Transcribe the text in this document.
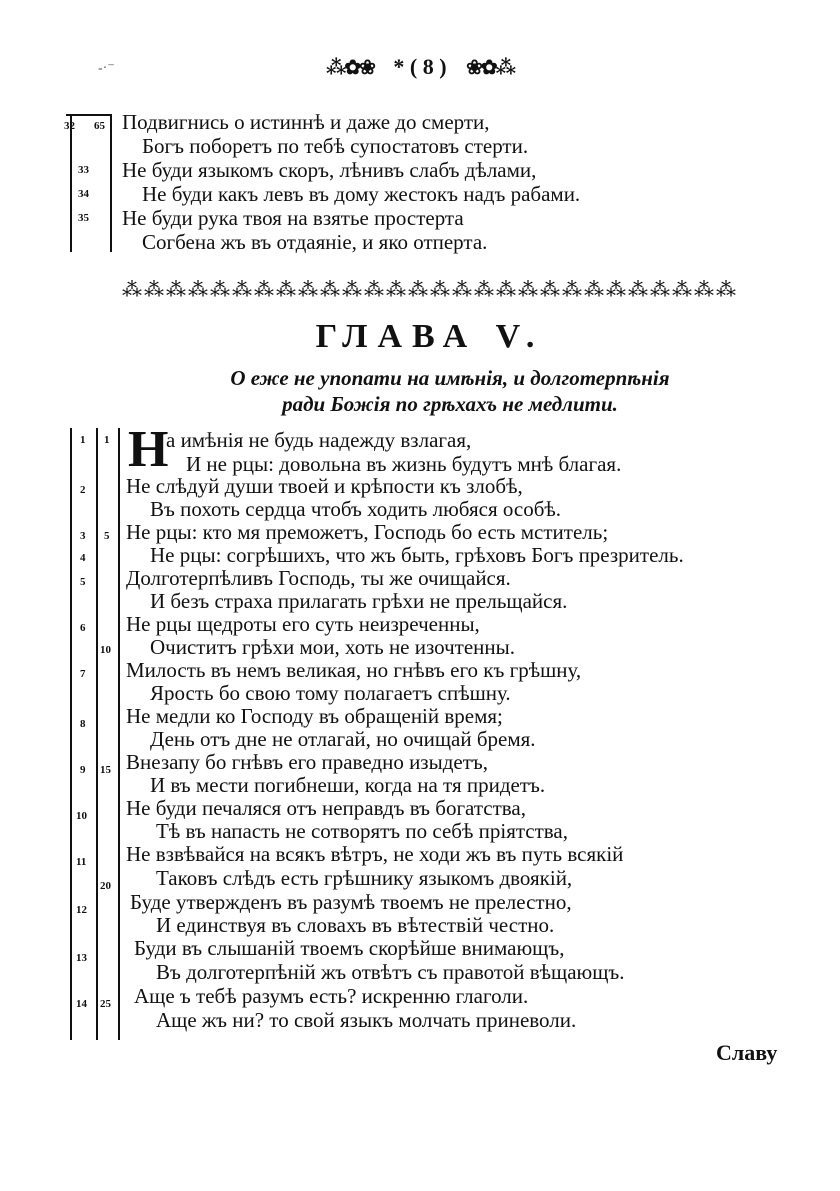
⁂✿❀ * ( 8 ) ❀✿⁂
-·⁻
32 65
33
34
35
Подвигнись о истиннѣ и даже до смерти,
Богъ поборетъ по тебѣ супостатовъ стерти.
Не буди языкомъ скоръ, лѣнивъ слабъ дѣлами,
Не буди какъ левъ въ дому жестокъ надъ рабами.
Не буди рука твоя на взятье простерта
Согбена жъ въ отдаяніе, и яко отперта.
⁂⁂⁂⁂⁂⁂⁂⁂⁂⁂⁂⁂⁂⁂⁂⁂⁂⁂⁂⁂⁂⁂⁂⁂⁂⁂⁂⁂
ГЛАВА V.
О еже не упопати на имѣнія, и долготерпѣнія
ради Божія по грѣхахъ не медлити.
1
2
3
4
5
6
7
8
9
10
11
12
13
14
1
5
10
15
20
25
Н
а имѣнія не будь надежду взлагая,
И не рцы: довольна въ жизнь будутъ мнѣ благая.
Не слѣдуй души твоей и крѣпости къ злобѣ,
Въ похоть сердца чтобъ ходить любяся особѣ.
Не рцы: кто мя преможетъ, Господь бо есть мститель;
Не рцы: согрѣшихъ, что жъ быть, грѣховъ Богъ презритель.
Долготерпѣливъ Господь, ты же очищайся.
И безъ страха прилагать грѣхи не прельщайся.
Не рцы щедроты его суть неизреченны,
Очиститъ грѣхи мои, хоть не изочтенны.
Милость въ немъ великая, но гнѣвъ его къ грѣшну,
Ярость бо свою тому полагаетъ спѣшну.
Не медли ко Господу въ обращеній время;
День отъ дне не отлагай, но очищай бремя.
Внезапу бо гнѣвъ его праведно изыдетъ,
И въ мести погибнеши, когда на тя придетъ.
Не буди печаляся отъ неправдъ въ богатства,
Тѣ въ напасть не сотворятъ по себѣ пріятства,
Не взвѣвайся на всякъ вѣтръ, не ходи жъ въ путь всякій
Таковъ слѣдъ есть грѣшнику языкомъ двоякій,
Буде утвержденъ въ разумѣ твоемъ не прелестно,
И единствуя въ словахъ въ вѣтествій честно.
Буди въ слышаній твоемъ скорѣйше внимающъ,
Въ долготерпѣній жъ отвѣтъ съ правотой вѣщающъ.
Аще ъ тебѣ разумъ есть? искренню глаголи.
Аще жъ ни? то свой языкъ молчать приневоли.
Славу
